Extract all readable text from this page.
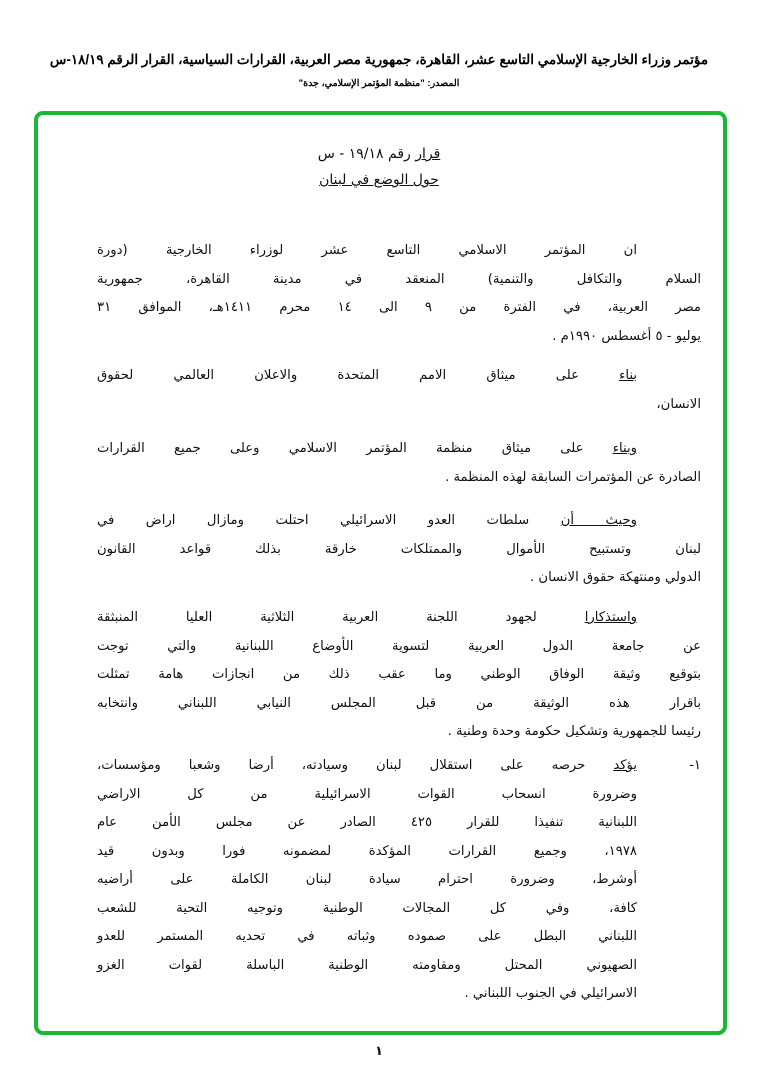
مؤتمر وزراء الخارجية الإسلامي التاسع عشر، القاهرة، جمهورية مصر العربية، القرارات السياسية، القرار الرقم ١٨/١٩-س
المصدر: "منظمة المؤتمر الإسلامي، جدة"
قرار رقم ١٩/١٨ - س
حول الوضع في لبنان
ان المؤتمر الاسلامي التاسع عشر لوزراء الخارجية (دورة
السلام والتكافل والتنمية) المنعقد في مدينة القاهرة، جمهورية
مصر العربية، في الفترة من ٩ الى ١٤ محرم ١٤١١هـ، الموافق ٣١
يوليو - ٥ أغسطس ١٩٩٠م .
بناء على ميثاق الامم المتحدة والاعلان العالمي لحقوق
الانسان،
وبناء على ميثاق منظمة المؤتمر الاسلامي وعلى جميع القرارات
الصادرة عن المؤتمرات السابقة لهذه المنظمة .
وحيث أن سلطات العدو الاسرائيلي احتلت ومازال اراض في
لبنان وتستبيح الأموال والممتلكات خارقة بذلك قواعد القانون
الدولي ومنتهكة حقوق الانسان .
واستذكارا لجهود اللجنة العربية الثلاثية العليا المنبثقة
عن جامعة الدول العربية لتسوية الأوضاع اللبنانية والتي توجت
بتوقيع وثيقة الوفاق الوطني وما عقب ذلك من انجازات هامة تمثلت
باقرار هذه الوثيقة من قبل المجلس النيابي اللبناني وانتخابه
رئيسا للجمهورية وتشكيل حكومة وحدة وطنية .
١-
يؤكد حرصه على استقلال لبنان وسيادته، أرضا وشعبا ومؤسسات،
وضرورة انسحاب القوات الاسرائيلية من كل الاراضي
اللبنانية تنفيذا للقرار ٤٢٥ الصادر عن مجلس الأمن عام
١٩٧٨، وجميع القرارات المؤكدة لمضمونه فورا وبدون قيد
أوشرط، وضرورة احترام سيادة لبنان الكاملة على أراضيه
كافة، وفي كل المجالات الوطنية وتوجيه التحية للشعب
اللبناني البطل على صموده وثباته في تحديه المستمر للعدو
الصهيوني المحتل ومقاومته الوطنية الباسلة لقوات الغزو
الاسرائيلي في الجنوب اللبناني .
١
